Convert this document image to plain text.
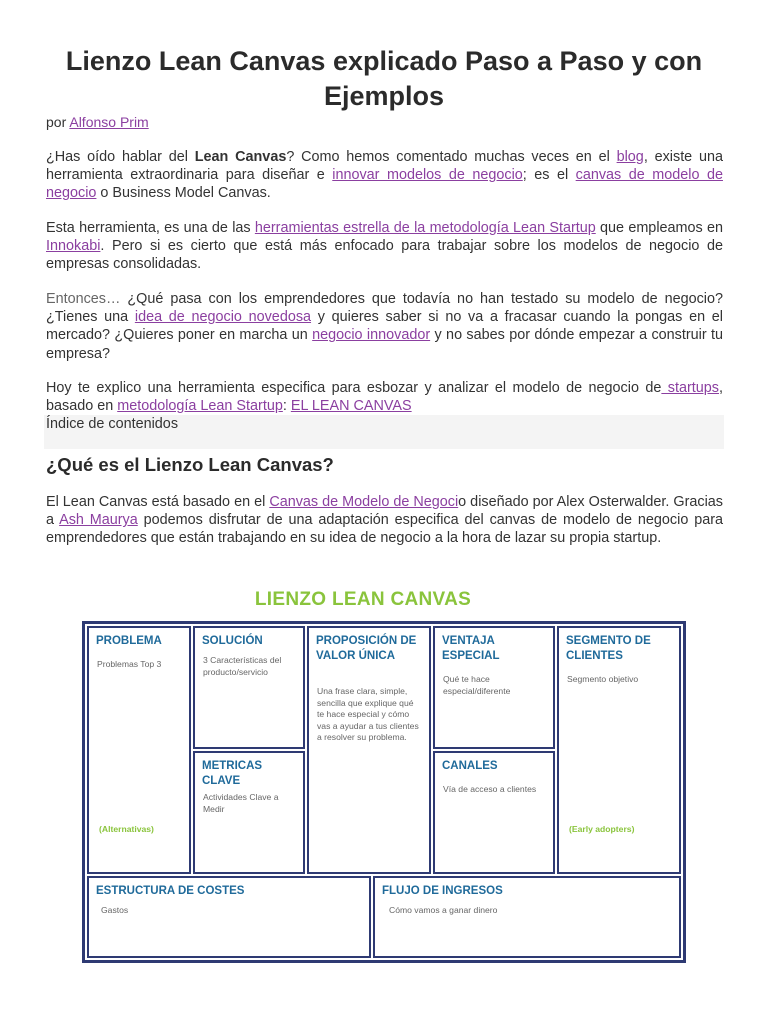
Lienzo Lean Canvas explicado Paso a Paso y con Ejemplos
por Alfonso Prim

¿Has oído hablar del Lean Canvas? Como hemos comentado muchas veces en el blog, existe una herramienta extraordinaria para diseñar e innovar modelos de negocio; es el canvas de modelo de negocio o Business Model Canvas.

Esta herramienta, es una de las herramientas estrella de la metodología Lean Startup que empleamos en Innokabi. Pero si es cierto que está más enfocado para trabajar sobre los modelos de negocio de empresas consolidadas.

Entonces… ¿Qué pasa con los emprendedores que todavía no han testado su modelo de negocio? ¿Tienes una idea de negocio novedosa y quieres saber si no va a fracasar cuando la pongas en el mercado? ¿Quieres poner en marcha un negocio innovador y no sabes por dónde empezar a construir tu empresa?

Hoy te explico una herramienta especifica para esbozar y analizar el modelo de negocio de startups, basado en metodología Lean Startup: EL LEAN CANVAS

Índice de contenidos
¿Qué es el Lienzo Lean Canvas?

El Lean Canvas está basado en el Canvas de Modelo de Negocio diseñado por Alex Osterwalder. Gracias a Ash Maurya podemos disfrutar de una adaptación especifica del canvas de modelo de negocio para emprendedores que están trabajando en su idea de negocio a la hora de lazar su propia startup.

LIENZO LEAN CANVAS
PROBLEMA
Problemas Top 3
(Alternativas)
SOLUCIÓN
3 Características del producto/servicio
METRICAS CLAVE
Actividades Clave a Medir
PROPOSICIÓN DE VALOR ÚNICA
Una frase clara, simple, sencilla que explique qué te hace especial y cómo vas a ayudar a tus clientes a resolver su problema.
VENTAJA ESPECIAL
Qué te hace especial/diferente
CANALES
Vía de acceso a clientes
SEGMENTO DE CLIENTES
Segmento objetivo
(Early adopters)
ESTRUCTURA DE COSTES
Gastos
FLUJO DE INGRESOS
Cómo vamos a ganar dinero
